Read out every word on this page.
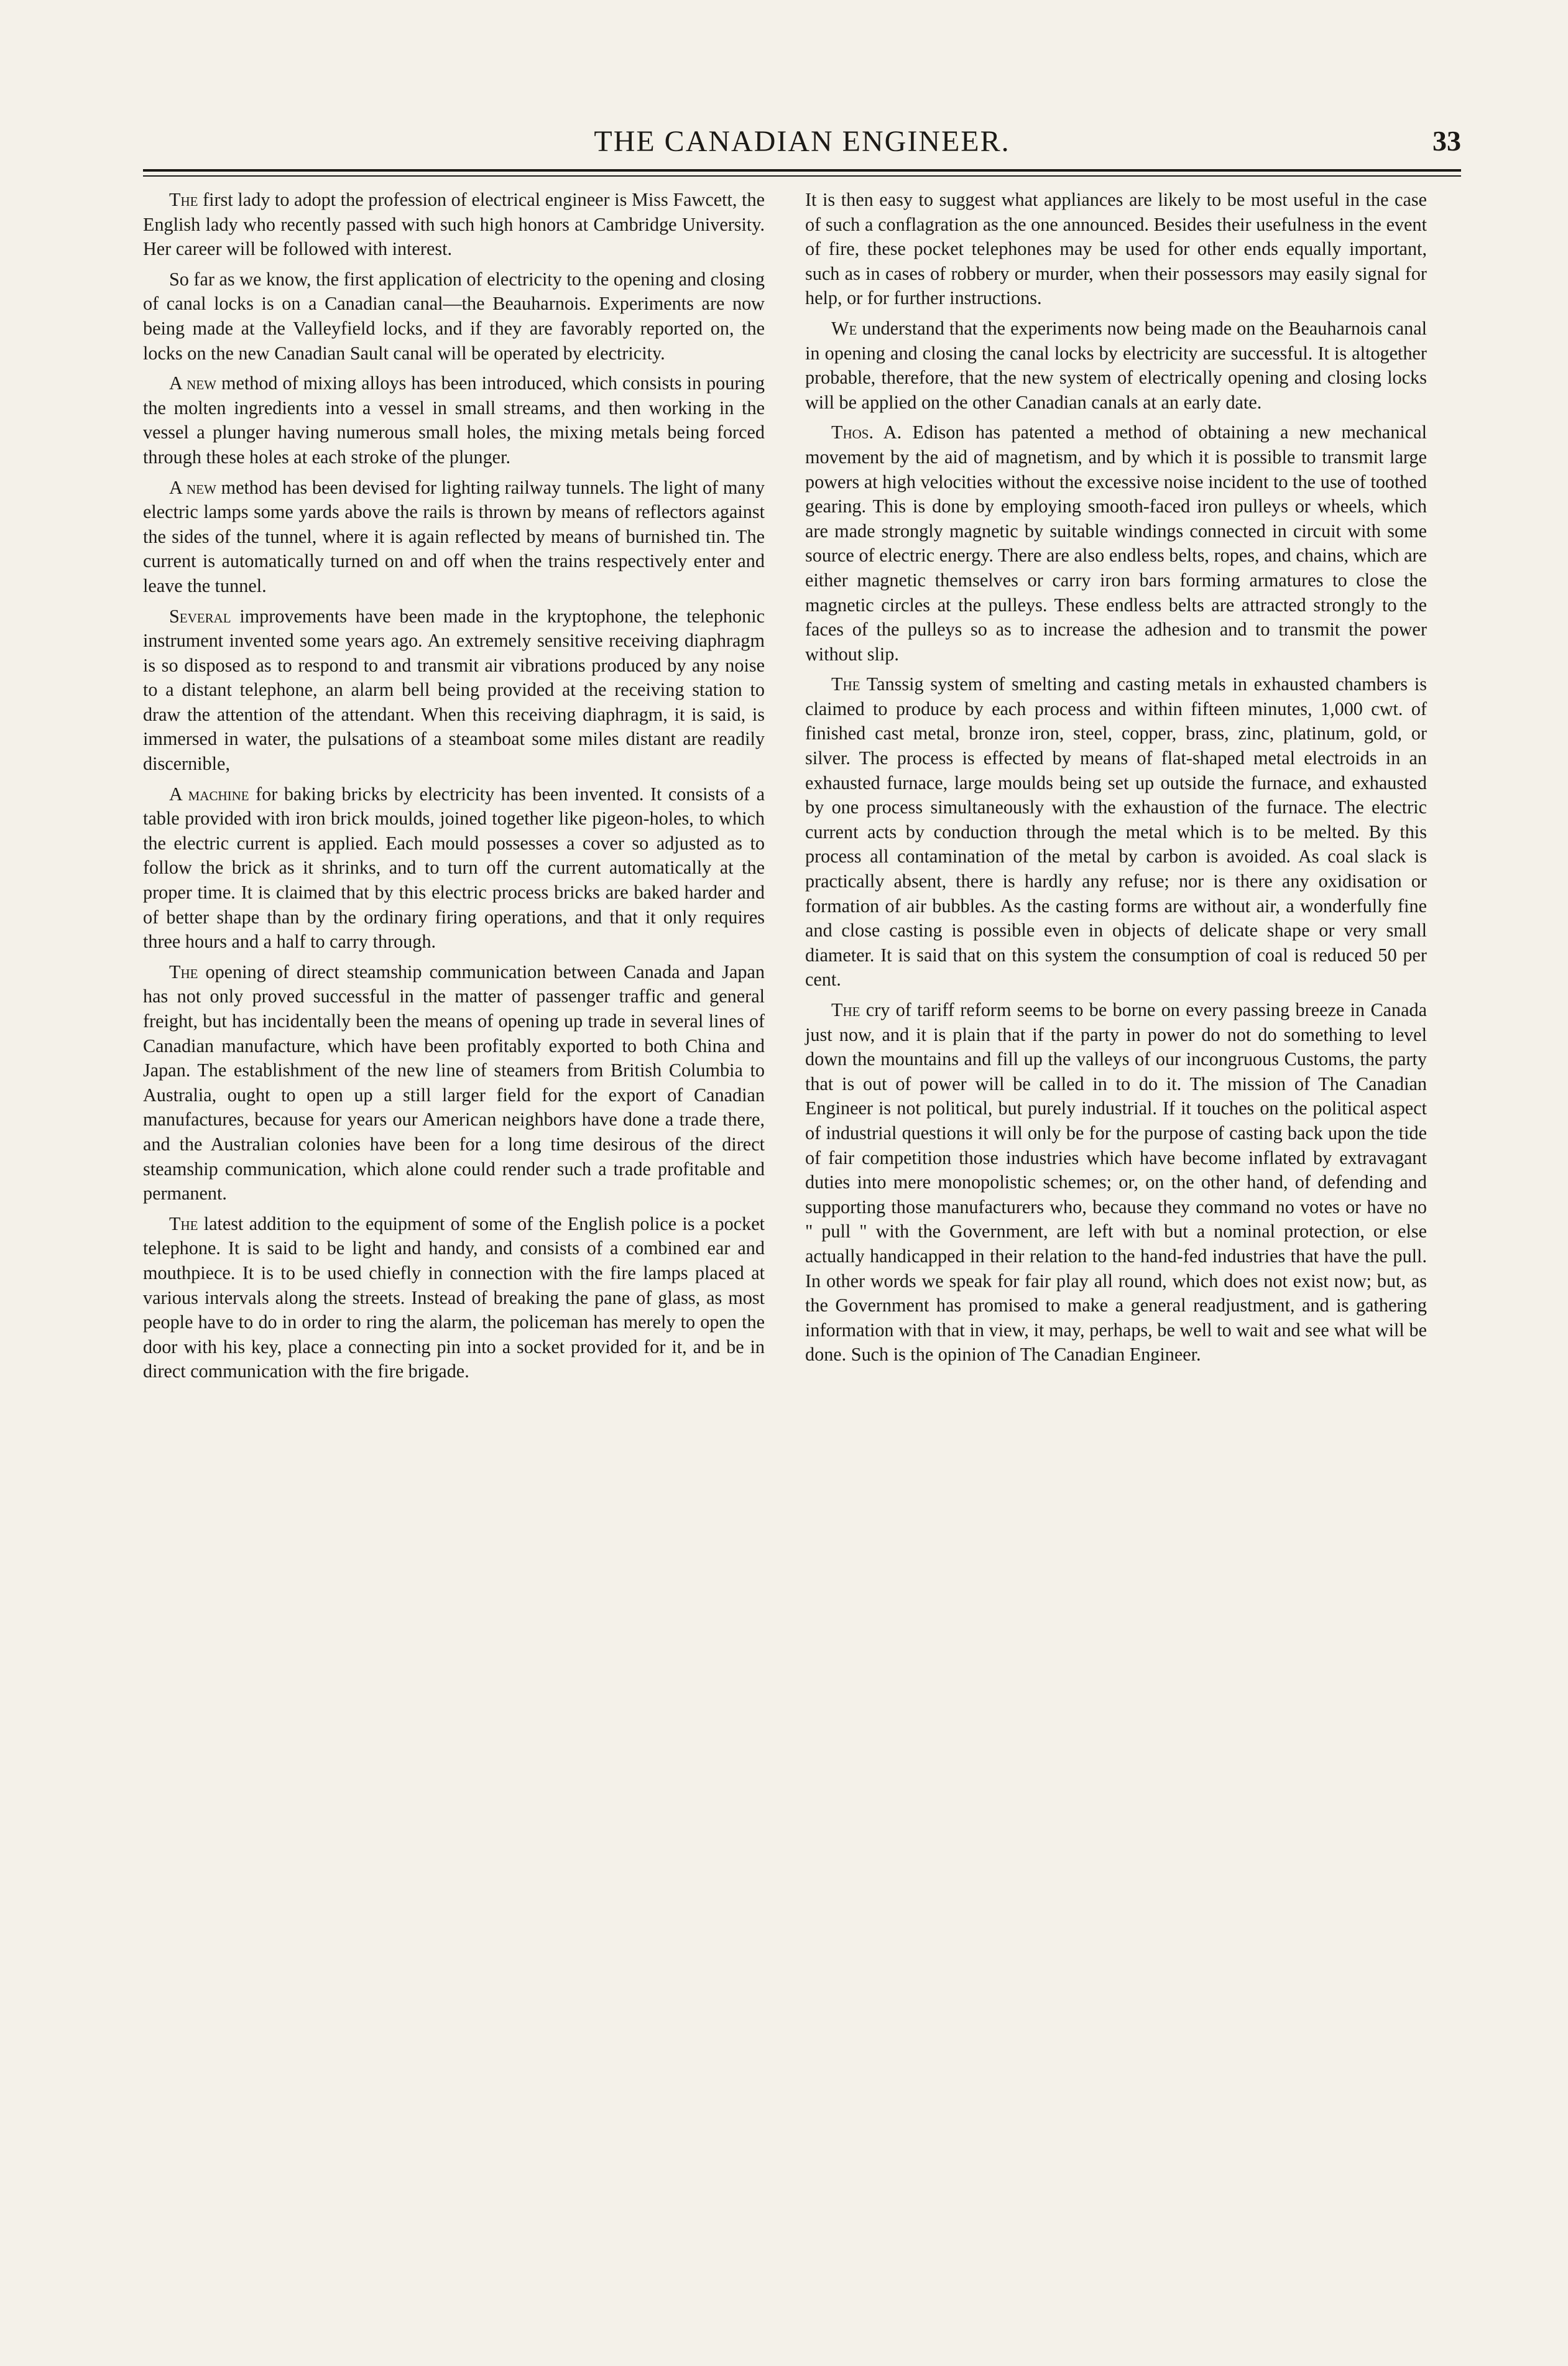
THE CANADIAN ENGINEER.	33

The first lady to adopt the profession of electrical engineer is Miss Fawcett, the English lady who recently passed with such high honors at Cambridge University. Her career will be followed with interest.

So far as we know, the first application of electricity to the opening and closing of canal locks is on a Canadian canal—the Beauharnois. Experiments are now being made at the Valleyfield locks, and if they are favorably reported on, the locks on the new Canadian Sault canal will be operated by electricity.

A new method of mixing alloys has been introduced, which consists in pouring the molten ingredients into a vessel in small streams, and then working in the vessel a plunger having numerous small holes, the mixing metals being forced through these holes at each stroke of the plunger.

A new method has been devised for lighting railway tunnels. The light of many electric lamps some yards above the rails is thrown by means of reflectors against the sides of the tunnel, where it is again reflected by means of burnished tin. The current is automatically turned on and off when the trains respectively enter and leave the tunnel.

Several improvements have been made in the kryptophone, the telephonic instrument invented some years ago. An extremely sensitive receiving diaphragm is so disposed as to respond to and transmit air vibrations produced by any noise to a distant telephone, an alarm bell being provided at the receiving station to draw the attention of the attendant. When this receiving diaphragm, it is said, is immersed in water, the pulsations of a steamboat some miles distant are readily discernible,

A machine for baking bricks by electricity has been invented. It consists of a table provided with iron brick moulds, joined together like pigeon-holes, to which the electric current is applied. Each mould possesses a cover so adjusted as to follow the brick as it shrinks, and to turn off the current automatically at the proper time. It is claimed that by this electric process bricks are baked harder and of better shape than by the ordinary firing operations, and that it only requires three hours and a half to carry through.

The opening of direct steamship communication between Canada and Japan has not only proved successful in the matter of passenger traffic and general freight, but has incidentally been the means of opening up trade in several lines of Canadian manufacture, which have been profitably exported to both China and Japan. The establishment of the new line of steamers from British Columbia to Australia, ought to open up a still larger field for the export of Canadian manufactures, because for years our American neighbors have done a trade there, and the Australian colonies have been for a long time desirous of the direct steamship communication, which alone could render such a trade profitable and permanent.

The latest addition to the equipment of some of the English police is a pocket telephone. It is said to be light and handy, and consists of a combined ear and mouthpiece. It is to be used chiefly in connection with the fire lamps placed at various intervals along the streets. Instead of breaking the pane of glass, as most people have to do in order to ring the alarm, the policeman has merely to open the door with his key, place a connecting pin into a socket provided for it, and be in direct communication with the fire brigade.

It is then easy to suggest what appliances are likely to be most useful in the case of such a conflagration as the one announced. Besides their usefulness in the event of fire, these pocket telephones may be used for other ends equally important, such as in cases of robbery or murder, when their possessors may easily signal for help, or for further instructions.

We understand that the experiments now being made on the Beauharnois canal in opening and closing the canal locks by electricity are successful. It is altogether probable, therefore, that the new system of electrically opening and closing locks will be applied on the other Canadian canals at an early date.

Thos. A. Edison has patented a method of obtaining a new mechanical movement by the aid of magnetism, and by which it is possible to transmit large powers at high velocities without the excessive noise incident to the use of toothed gearing. This is done by employing smooth-faced iron pulleys or wheels, which are made strongly magnetic by suitable windings connected in circuit with some source of electric energy. There are also endless belts, ropes, and chains, which are either magnetic themselves or carry iron bars forming armatures to close the magnetic circles at the pulleys. These endless belts are attracted strongly to the faces of the pulleys so as to increase the adhesion and to transmit the power without slip.

The Tanssig system of smelting and casting metals in exhausted chambers is claimed to produce by each process and within fifteen minutes, 1,000 cwt. of finished cast metal, bronze iron, steel, copper, brass, zinc, platinum, gold, or silver. The process is effected by means of flat-shaped metal electroids in an exhausted furnace, large moulds being set up outside the furnace, and exhausted by one process simultaneously with the exhaustion of the furnace. The electric current acts by conduction through the metal which is to be melted. By this process all contamination of the metal by carbon is avoided. As coal slack is practically absent, there is hardly any refuse; nor is there any oxidisation or formation of air bubbles. As the casting forms are without air, a wonderfully fine and close casting is possible even in objects of delicate shape or very small diameter. It is said that on this system the consumption of coal is reduced 50 per cent.

The cry of tariff reform seems to be borne on every passing breeze in Canada just now, and it is plain that if the party in power do not do something to level down the mountains and fill up the valleys of our incongruous Customs, the party that is out of power will be called in to do it. The mission of The Canadian Engineer is not political, but purely industrial. If it touches on the political aspect of industrial questions it will only be for the purpose of casting back upon the tide of fair competition those industries which have become inflated by extravagant duties into mere monopolistic schemes; or, on the other hand, of defending and supporting those manufacturers who, because they command no votes or have no " pull " with the Government, are left with but a nominal protection, or else actually handicapped in their relation to the hand-fed industries that have the pull. In other words we speak for fair play all round, which does not exist now; but, as the Government has promised to make a general readjustment, and is gathering information with that in view, it may, perhaps, be well to wait and see what will be done. Such is the opinion of The Canadian Engineer.
